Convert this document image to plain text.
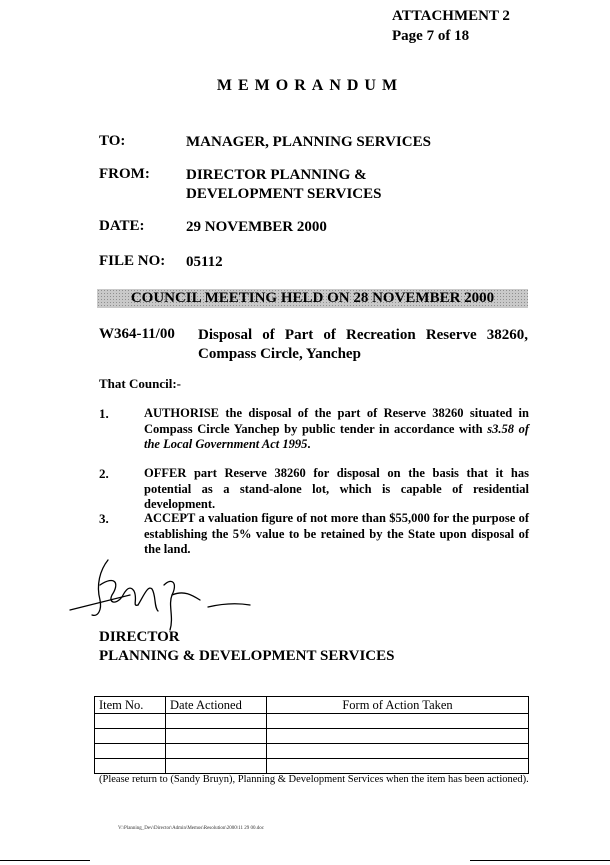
ATTACHMENT 2
Page 7 of 18
MEMORANDUM
TO:	MANAGER, PLANNING SERVICES
FROM: DIRECTOR PLANNING & DEVELOPMENT SERVICES
DATE:	29 NOVEMBER 2000
FILE NO: 05112
COUNCIL MEETING HELD ON 28 NOVEMBER 2000
W364-11/00 Disposal of Part of Recreation Reserve 38260, Compass Circle, Yanchep
That Council:-
1.	AUTHORISE the disposal of the part of Reserve 38260 situated in Compass Circle Yanchep by public tender in accordance with s3.58 of the Local Government Act 1995.
2.	OFFER part Reserve 38260 for disposal on the basis that it has potential as a stand-alone lot, which is capable of residential development.
3.	ACCEPT a valuation figure of not more than $55,000 for the purpose of establishing the 5% value to be retained by the State upon disposal of the land.
DIRECTOR
PLANNING & DEVELOPMENT SERVICES
Item No.	Date Actioned	Form of Action Taken

(Please return to (Sandy Bruyn), Planning & Development Services when the item has been actioned).
V:\Planning_Dev\Director\Admin\Memos\Resolution\2000\11 29 00.doc
